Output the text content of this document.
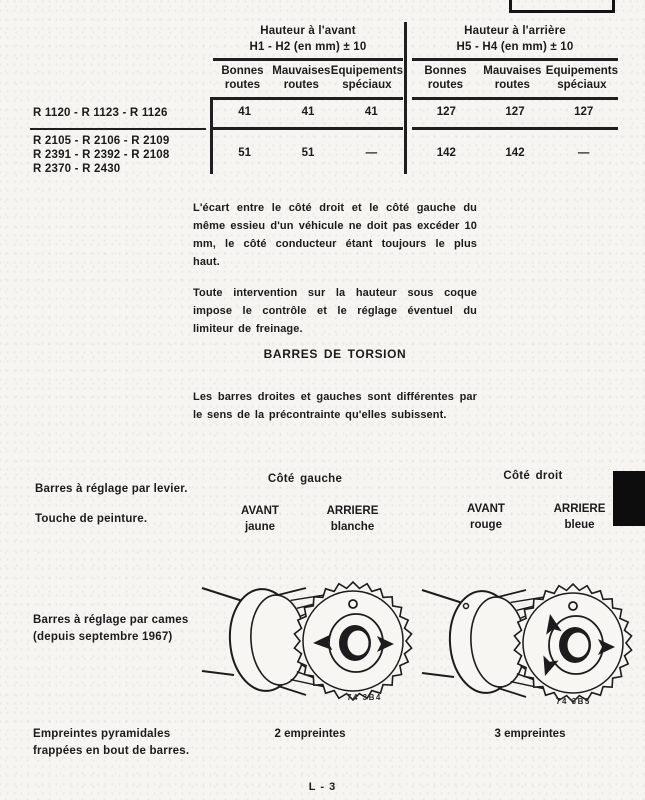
Hauteur à l'avant
H1 - H2 (en mm) ± 10
Hauteur à l'arrière
H5 - H4 (en mm) ± 10
Bonnes
routes
Mauvaises
routes
Equipements
spéciaux
Bonnes
routes
Mauvaises
routes
Equipements
spéciaux
R 1120 - R 1123 - R 1126	41	41	41	127	127	127
R 2105 - R 2106 - R 2109
R 2391 - R 2392 - R 2108
R 2370 - R 2430
51	51	—	142	142	—
L'écart entre le côté droit et le côté gauche du même essieu d'un véhicule ne doit pas excéder 10 mm, le côté conducteur étant toujours le plus haut.
Toute intervention sur la hauteur sous coque impose le contrôle et le réglage éventuel du limiteur de freinage.
BARRES DE TORSION
Les barres droites et gauches sont différentes par le sens de la précontrainte qu'elles subissent.
Barres à réglage par levier.
Touche de peinture.
Côté gauche	Côté droit
AVANT
jaune
ARRIERE
blanche
AVANT
rouge
ARRIERE
bleue
Barres à réglage par cames
(depuis septembre 1967)
74 3B4	74 3B5
Empreintes pyramidales
frappées en bout de barres.
2 empreintes	3 empreintes
L - 3
